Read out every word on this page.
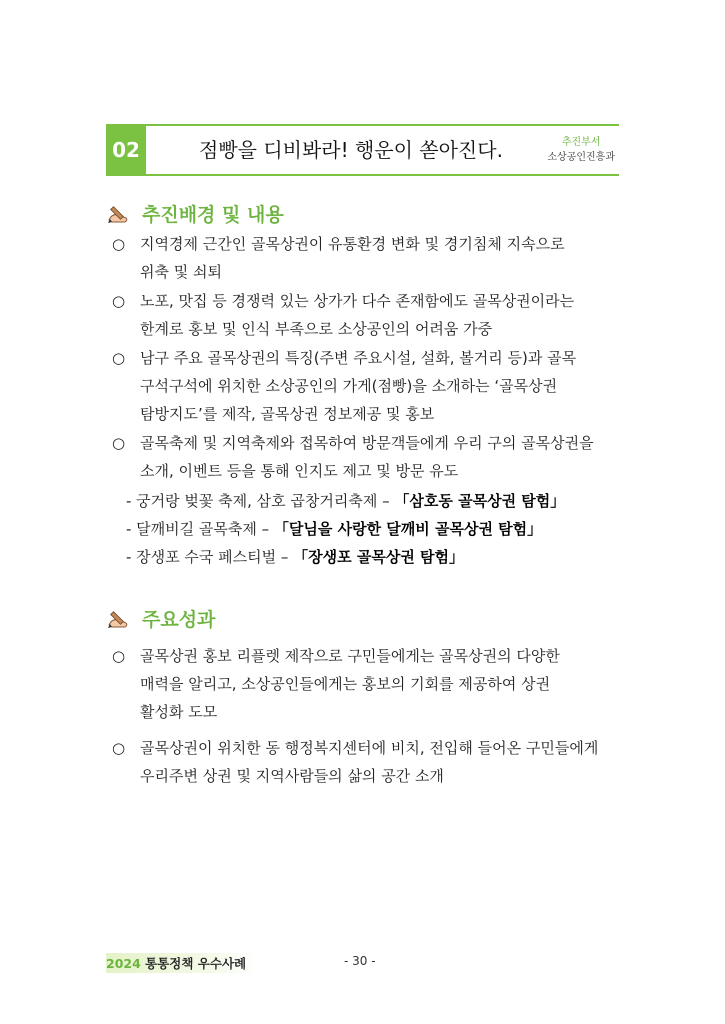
02	점빵을 디비봐라! 행운이 쏟아진다.	추진부서
소상공인진흥과
추진배경 및 내용
○ 지역경제 근간인 골목상권이 유통환경 변화 및 경기침체 지속으로
위축 및 쇠퇴
○ 노포, 맛집 등 경쟁력 있는 상가가 다수 존재함에도 골목상권이라는
한계로 홍보 및 인식 부족으로 소상공인의 어려움 가중
○ 남구 주요 골목상권의 특징(주변 주요시설, 설화, 볼거리 등)과 골목
구석구석에 위치한 소상공인의 가게(점빵)을 소개하는 ‘골목상권
탐방지도’를 제작, 골목상권 정보제공 및 홍보
○ 골목축제 및 지역축제와 접목하여 방문객들에게 우리 구의 골목상권을
소개, 이벤트 등을 통해 인지도 제고 및 방문 유도
- 궁거랑 벚꽃 축제, 삼호 곱창거리축제 – 「삼호동 골목상권 탐험」
- 달깨비길 골목축제 – 「달님을 사랑한 달깨비 골목상권 탐험」
- 장생포 수국 페스티벌 – 「장생포 골목상권 탐험」
주요성과
○ 골목상권 홍보 리플렛 제작으로 구민들에게는 골목상권의 다양한
매력을 알리고, 소상공인들에게는 홍보의 기회를 제공하여 상권
활성화 도모
○ 골목상권이 위치한 동 행정복지센터에 비치, 전입해 들어온 구민들에게
우리주변 상권 및 지역사람들의 삶의 공간 소개
2024 통통정책 우수사례	- 30 -
